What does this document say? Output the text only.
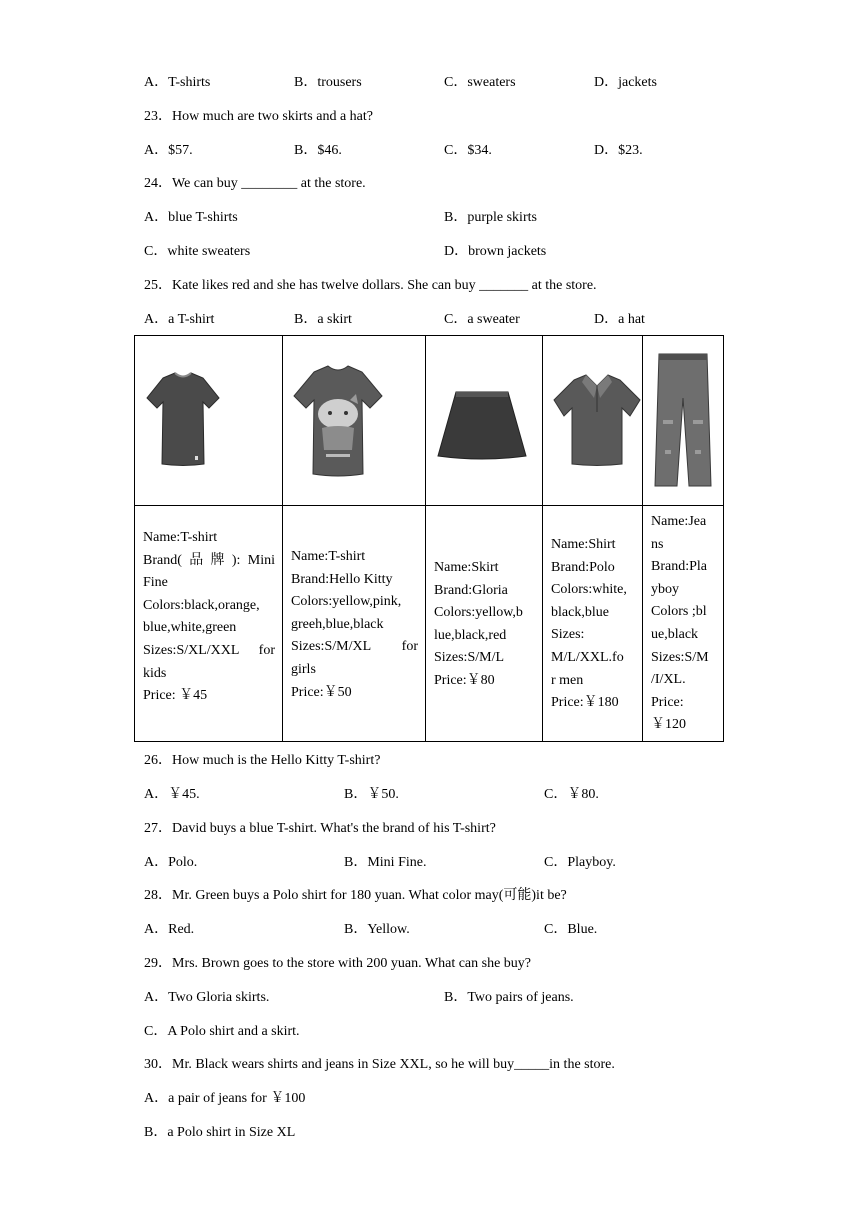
A．T-shirts	B．trousers	C．sweaters	D．jackets
23．How much are two skirts and a hat?
A．$57.	B．$46.	C．$34.	D．$23.
24．We can buy ________ at the store.
A．blue T-shirts	B．purple skirts
C．white sweaters	D．brown jackets
25．Kate likes red and she has twelve dollars. She can buy _______ at the store.
A．a T-shirt	B．a skirt	C．a sweater	D．a hat
Name:T-shirt
Brand( 品 牌 ): Mini
Fine
Colors:black,orange,
blue,white,green
Sizes:S/XL/XXL for
kids
Price: ￥45
Name:T-shirt
Brand:Hello Kitty
Colors:yellow,pink,
greeh,blue,black
Sizes:S/M/XL for
girls
Price:￥50
Name:Skirt
Brand:Gloria
Colors:yellow,b
lue,black,red
Sizes:S/M/L
Price:￥80
Name:Shirt
Brand:Polo
Colors:white,
black,blue
Sizes:
M/L/XXL.fo
r men
Price:￥180
Name:Jea
ns
Brand:Pla
yboy
Colors ;bl
ue,black
Sizes:S/M
/I/XL.
Price:
￥120
26．How much is the Hello Kitty T-shirt?
A．￥45.	B．￥50.	C．￥80.
27．David buys a blue T-shirt. What's the brand of his T-shirt?
A．Polo.	B．Mini Fine.	C．Playboy.
28．Mr. Green buys a Polo shirt for 180 yuan. What color may(可能)it be?
A．Red.	B．Yellow.	C．Blue.
29．Mrs. Brown goes to the store with 200 yuan. What can she buy?
A．Two Gloria skirts.	B．Two pairs of jeans.
C．A Polo shirt and a skirt.
30．Mr. Black wears shirts and jeans in Size XXL, so he will buy_____in the store.
A．a pair of jeans for ￥100
B．a Polo shirt in Size XL
